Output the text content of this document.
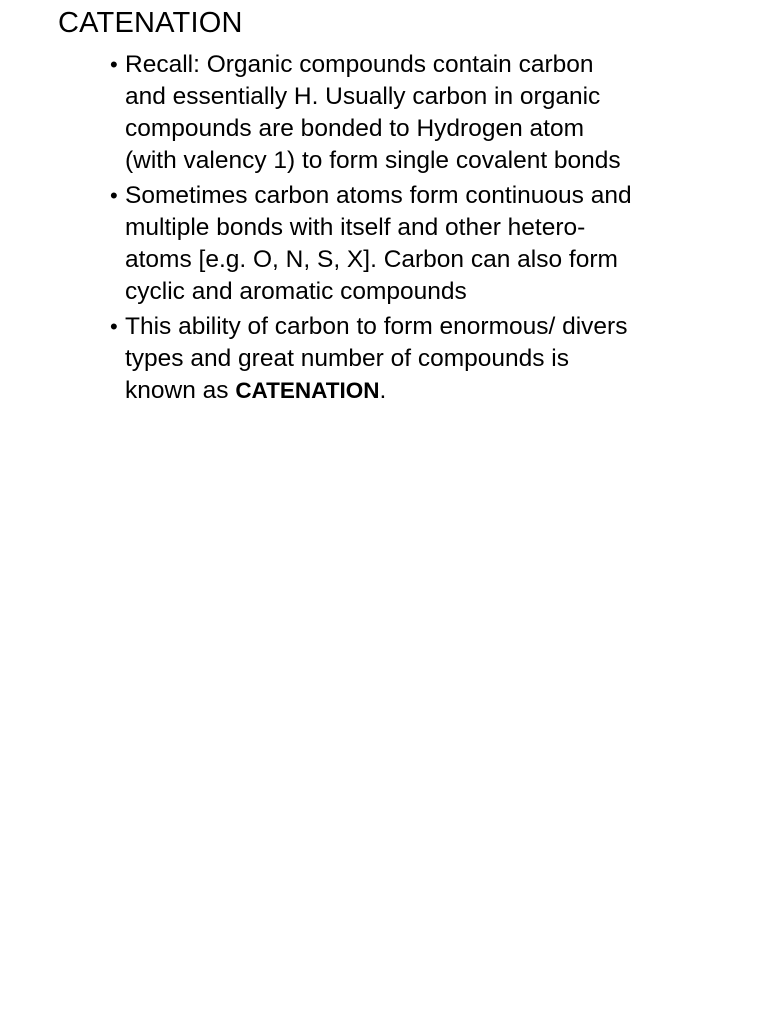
CATENATION
• Recall: Organic compounds contain carbon and essentially H. Usually carbon in organic compounds are bonded to Hydrogen atom (with valency 1) to form single covalent bonds
• Sometimes carbon atoms form continuous and multiple bonds with itself and other hetero-atoms [e.g. O, N, S, X]. Carbon can also form cyclic and aromatic compounds
• This ability of carbon to form enormous/ divers types and great number of compounds is known as CATENATION.
